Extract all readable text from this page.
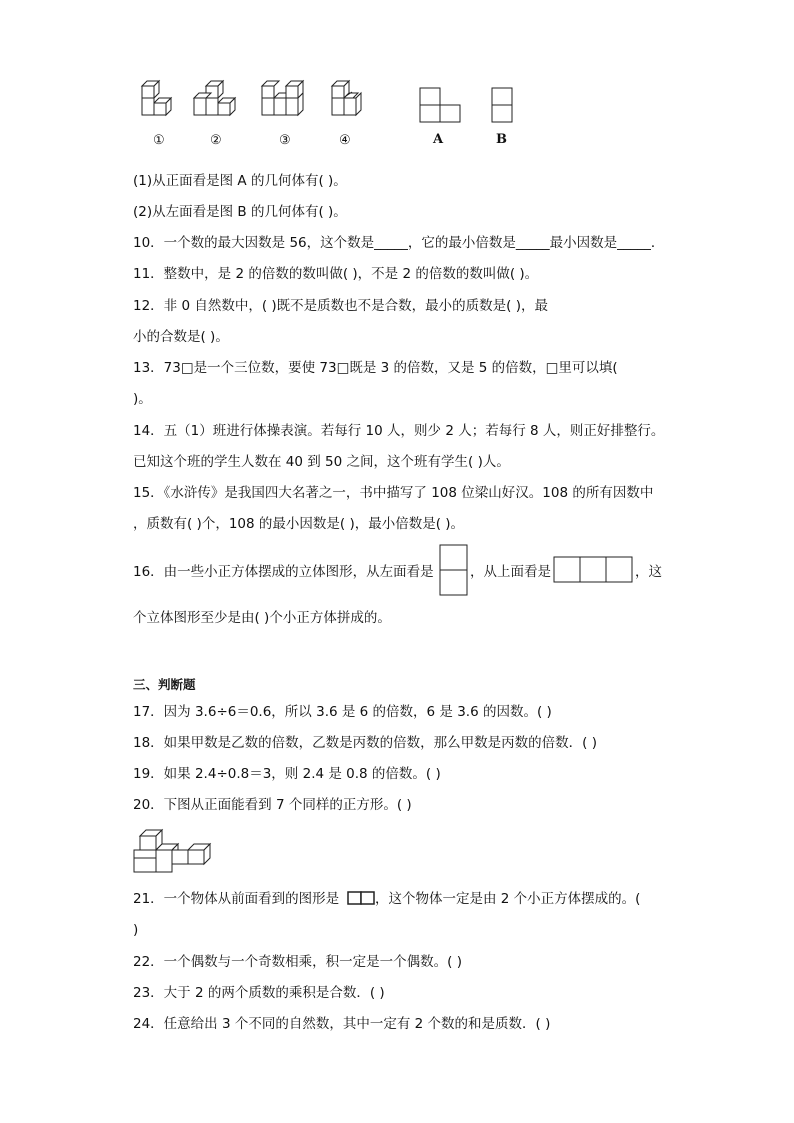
①	②	③	④	A	B
(1)从正面看是图 A 的几何体有( )。
(2)从左面看是图 B 的几何体有( )。
10．一个数的最大因数是 56，这个数是_____，它的最小倍数是_____最小因数是_____．
11．整数中，是 2 的倍数的数叫做( )，不是 2 的倍数的数叫做( )。
12．非 0 自然数中，( )既不是质数也不是合数，最小的质数是( )，最
小的合数是( )。
13．73□是一个三位数，要使 73□既是 3 的倍数，又是 5 的倍数，□里可以填(
)。
14．五（1）班进行体操表演。若每行 10 人，则少 2 人；若每行 8 人，则正好排整行。
已知这个班的学生人数在 40 到 50 之间，这个班有学生( )人。
15．《水浒传》是我国四大名著之一，书中描写了 108 位梁山好汉。108 的所有因数中
，质数有( )个，108 的最小因数是( )，最小倍数是( )。
16．由一些小正方体摆成的立体图形，从左面看是	，从上面看是	，这
个立体图形至少是由( )个小正方体拼成的。
三、判断题
17．因为 3.6÷6＝0.6，所以 3.6 是 6 的倍数，6 是 3.6 的因数。( )
18．如果甲数是乙数的倍数，乙数是丙数的倍数，那么甲数是丙数的倍数．( )
19．如果 2.4÷0.8＝3，则 2.4 是 0.8 的倍数。( )
20．下图从正面能看到 7 个同样的正方形。( )
21．一个物体从前面看到的图形是	，这个物体一定是由 2 个小正方体摆成的。(
)
22．一个偶数与一个奇数相乘，积一定是一个偶数。( )
23．大于 2 的两个质数的乘积是合数．( )
24．任意给出 3 个不同的自然数，其中一定有 2 个数的和是质数．( )
